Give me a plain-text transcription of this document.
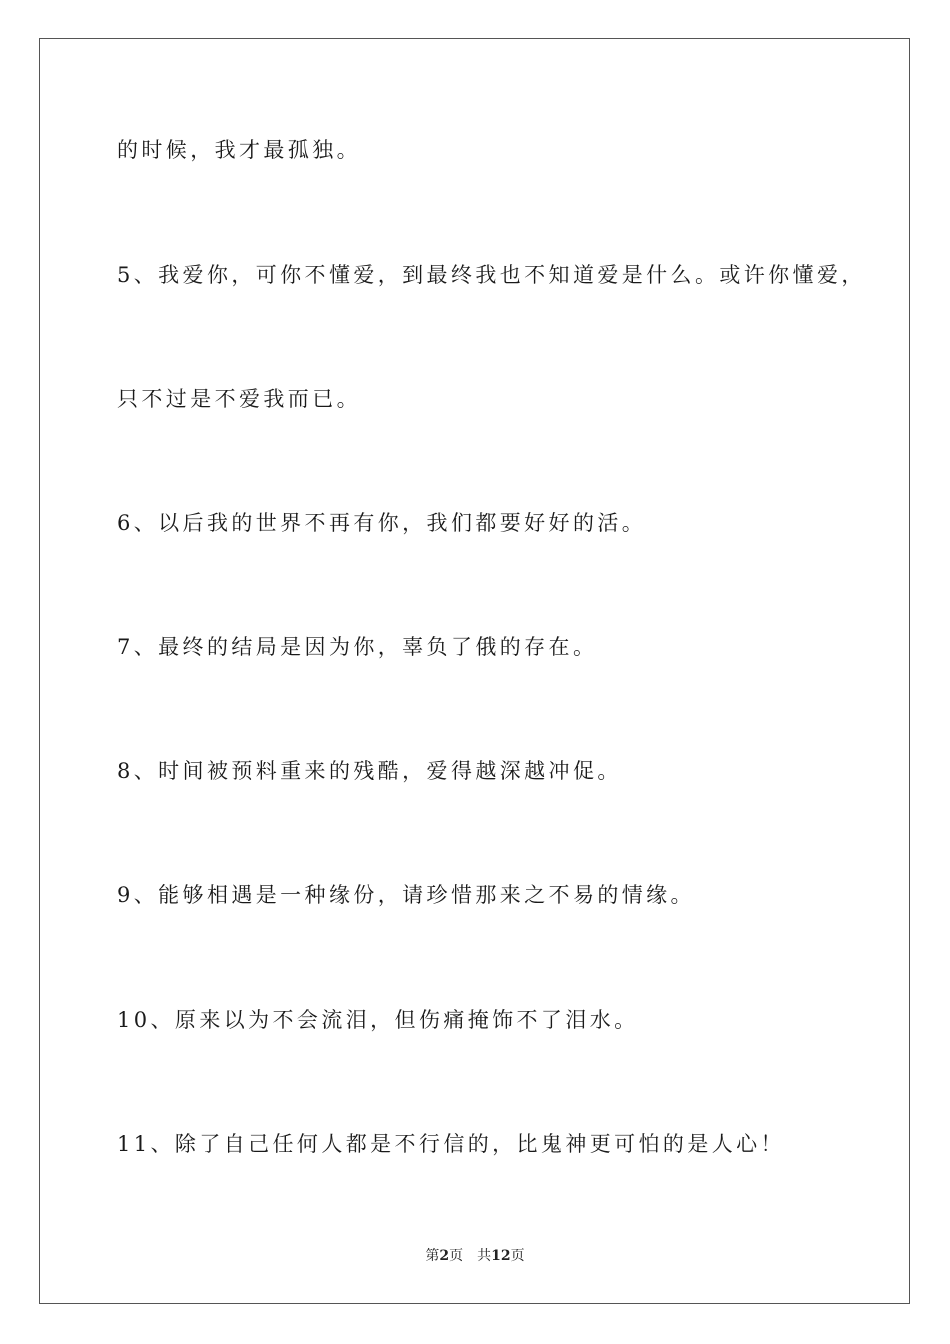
的时候，我才最孤独。
5、我爱你，可你不懂爱，到最终我也不知道爱是什么。或许你懂爱，
只不过是不爱我而已。
6、以后我的世界不再有你，我们都要好好的活。
7、最终的结局是因为你，辜负了俄的存在。
8、时间被预料重来的残酷，爱得越深越冲促。
9、能够相遇是一种缘份，请珍惜那来之不易的情缘。
10、原来以为不会流泪，但伤痛掩饰不了泪水。
11、除了自己任何人都是不行信的，比鬼神更可怕的是人心！
第2页 共12页
